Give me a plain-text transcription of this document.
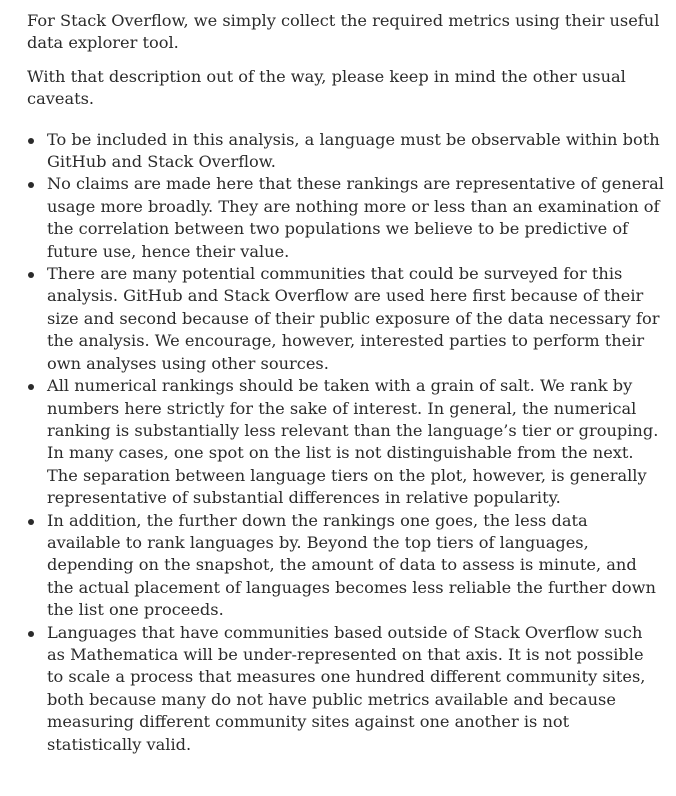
For Stack Overflow, we simply collect the required metrics using their useful data explorer tool.

With that description out of the way, please keep in mind the other usual caveats.

To be included in this analysis, a language must be observable within both GitHub and Stack Overflow.
No claims are made here that these rankings are representative of general usage more broadly. They are nothing more or less than an examination of the correlation between two populations we believe to be predictive of future use, hence their value.
There are many potential communities that could be surveyed for this analysis. GitHub and Stack Overflow are used here first because of their size and second because of their public exposure of the data necessary for the analysis. We encourage, however, interested parties to perform their own analyses using other sources.
All numerical rankings should be taken with a grain of salt. We rank by numbers here strictly for the sake of interest. In general, the numerical ranking is substantially less relevant than the language’s tier or grouping. In many cases, one spot on the list is not distinguishable from the next. The separation between language tiers on the plot, however, is generally representative of substantial differences in relative popularity.
In addition, the further down the rankings one goes, the less data available to rank languages by. Beyond the top tiers of languages, depending on the snapshot, the amount of data to assess is minute, and the actual placement of languages becomes less reliable the further down the list one proceeds.
Languages that have communities based outside of Stack Overflow such as Mathematica will be under-represented on that axis. It is not possible to scale a process that measures one hundred different community sites, both because many do not have public metrics available and because measuring different community sites against one another is not statistically valid.
